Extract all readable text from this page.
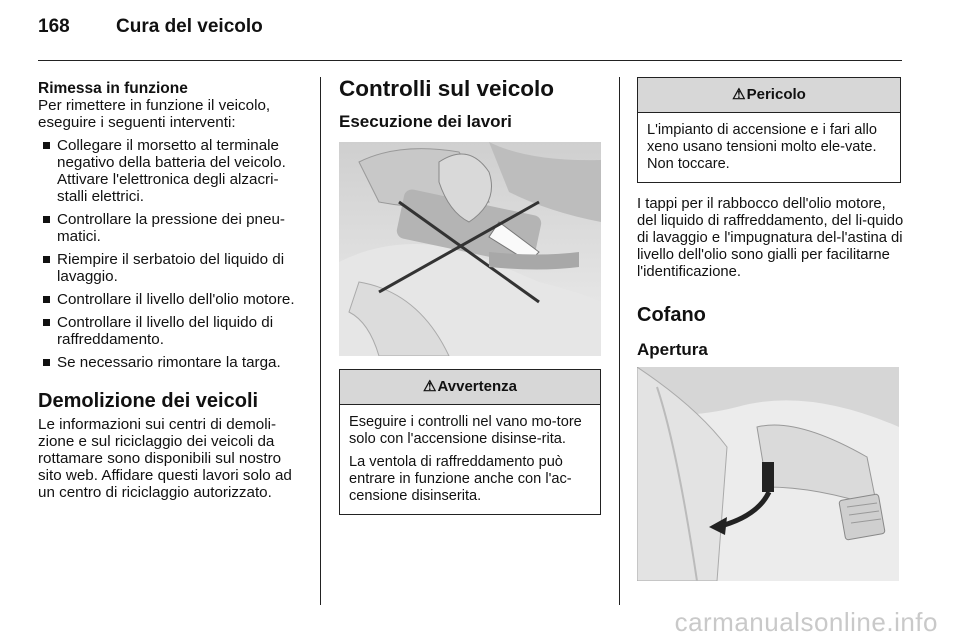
168 Cura del veicolo
Rimessa in funzione

Per rimettere in funzione il veicolo, eseguire i seguenti interventi:

Collegare il morsetto al terminale negativo della batteria del veicolo. Attivare l'elettronica degli alzacri-stalli elettrici.
Controllare la pressione dei pneu-matici.
Riempire il serbatoio del liquido di lavaggio.
Controllare il livello dell'olio motore.
Controllare il livello del liquido di raffreddamento.
Se necessario rimontare la targa.
Demolizione dei veicoli

Le informazioni sui centri di demoli-zione e sul riciclaggio dei veicoli da rottamare sono disponibili sul nostro sito web. Affidare questi lavori solo ad un centro di riciclaggio autorizzato.

Controlli sul veicolo
Esecuzione dei lavori
⚠Avvertenza

Eseguire i controlli nel vano mo-tore solo con l'accensione disinse-rita.

La ventola di raffreddamento può entrare in funzione anche con l'ac-censione disinserita.

⚠Pericolo

L'impianto di accensione e i fari allo xeno usano tensioni molto ele-vate. Non toccare.

I tappi per il rabbocco dell'olio motore, del liquido di raffreddamento, del li-quido di lavaggio e l'impugnatura del-l'astina di livello dell'olio sono gialli per facilitarne l'identificazione.

Cofano
Apertura
carmanualsonline.info
